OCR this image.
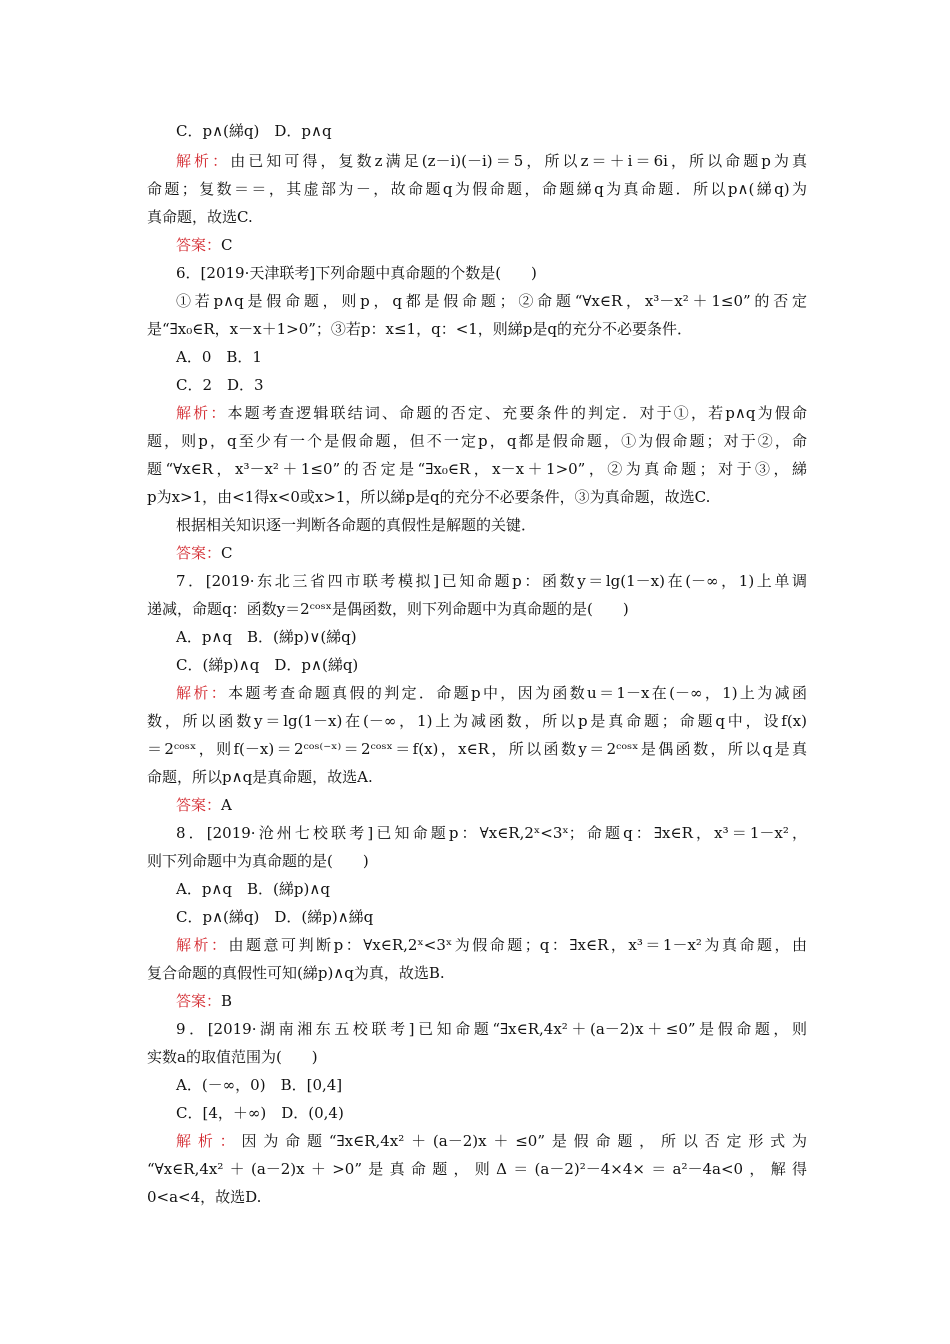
C．p∧(綈q)　D．p∧q
解析：由已知可得，复数z满足(z－i)(－i)＝5，所以z＝＋i＝6i，所以命题p为真
命题；复数＝＝，其虚部为－，故命题q为假命题，命题綈q为真命题．所以p∧(綈q)为
真命题，故选C.
答案：C
6．[2019·天津联考]下列命题中真命题的个数是(　　)
①若p∧q是假命题，则p，q都是假命题；②命题“∀x∈R，x³－x²＋1≤0”的否定
是“∃x₀∈R，x－x＋1>0”；③若p：x≤1，q：<1，则綈p是q的充分不必要条件．
A．0　B．1
C．2　D．3
解析：本题考查逻辑联结词、命题的否定、充要条件的判定．对于①，若p∧q为假命
题，则p，q至少有一个是假命题，但不一定p，q都是假命题，①为假命题；对于②，命
题“∀x∈R，x³－x²＋1≤0”的否定是“∃x₀∈R，x－x＋1>0”，②为真命题；对于③，綈
p为x>1，由<1得x<0或x>1，所以綈p是q的充分不必要条件，③为真命题，故选C.
根据相关知识逐一判断各命题的真假性是解题的关键．
答案：C
7．[2019·东北三省四市联考模拟]已知命题p：函数y＝lg(1－x)在(－∞，1)上单调
递减，命题q：函数y＝2ᶜᵒˢˣ是偶函数，则下列命题中为真命题的是(　　)
A．p∧q　B．(綈p)∨(綈q)
C．(綈p)∧q　D．p∧(綈q)
解析：本题考查命题真假的判定．命题p中，因为函数u＝1－x在(－∞，1)上为减函
数，所以函数y＝lg(1－x)在(－∞，1)上为减函数，所以p是真命题；命题q中，设f(x)
＝2ᶜᵒˢˣ，则f(－x)＝2ᶜᵒˢ⁽⁻ˣ⁾＝2ᶜᵒˢˣ＝f(x)，x∈R，所以函数y＝2ᶜᵒˢˣ是偶函数，所以q是真
命题，所以p∧q是真命题，故选A.
答案：A
8．[2019·沧州七校联考]已知命题p：∀x∈R,2ˣ<3ˣ；命题q：∃x∈R，x³＝1－x²，
则下列命题中为真命题的是(　　)
A．p∧q　B．(綈p)∧q
C．p∧(綈q)　D．(綈p)∧綈q
解析：由题意可判断p：∀x∈R,2ˣ<3ˣ为假命题；q：∃x∈R，x³＝1－x²为真命题，由
复合命题的真假性可知(綈p)∧q为真，故选B.
答案：B
9．[2019·湖南湘东五校联考]已知命题“∃x∈R,4x²＋(a－2)x＋≤0”是假命题，则
实数a的取值范围为(　　)
A．(－∞，0)　B．[0,4]
C．[4，＋∞)　D．(0,4)
解析：因为命题“∃x∈R,4x²＋(a－2)x＋≤0”是假命题，所以否定形式为
“∀x∈R,4x²＋(a－2)x＋>0”是真命题，则Δ＝(a－2)²－4×4×＝a²－4a<0，解得
0<a<4，故选D.
